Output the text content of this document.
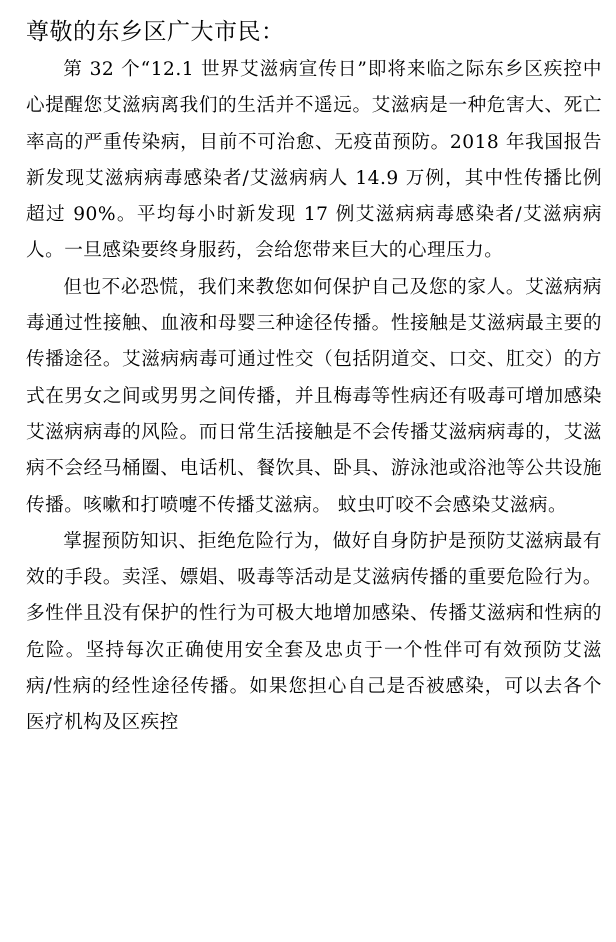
尊敬的东乡区广大市民：

第 32 个“12.1 世界艾滋病宣传日”即将来临之际东乡区疾控中心提醒您艾滋病离我们的生活并不遥远。艾滋病是一种危害大、死亡率高的严重传染病，目前不可治愈、无疫苗预防。2018 年我国报告新发现艾滋病病毒感染者/艾滋病病人 14.9 万例，其中性传播比例超过 90%。平均每小时新发现 17 例艾滋病病毒感染者/艾滋病病人。一旦感染要终身服药，会给您带来巨大的心理压力。

但也不必恐慌，我们来教您如何保护自己及您的家人。艾滋病病毒通过性接触、血液和母婴三种途径传播。性接触是艾滋病最主要的传播途径。艾滋病病毒可通过性交（包括阴道交、口交、肛交）的方式在男女之间或男男之间传播，并且梅毒等性病还有吸毒可增加感染艾滋病病毒的风险。而日常生活接触是不会传播艾滋病病毒的，艾滋病不会经马桶圈、电话机、餐饮具、卧具、游泳池或浴池等公共设施传播。咳嗽和打喷嚏不传播艾滋病。 蚊虫叮咬不会感染艾滋病。

掌握预防知识、拒绝危险行为，做好自身防护是预防艾滋病最有效的手段。卖淫、嫖娼、吸毒等活动是艾滋病传播的重要危险行为。多性伴且没有保护的性行为可极大地增加感染、传播艾滋病和性病的危险。坚持每次正确使用安全套及忠贞于一个性伴可有效预防艾滋病/性病的经性途径传播。如果您担心自己是否被感染，可以去各个医疗机构及区疾控
